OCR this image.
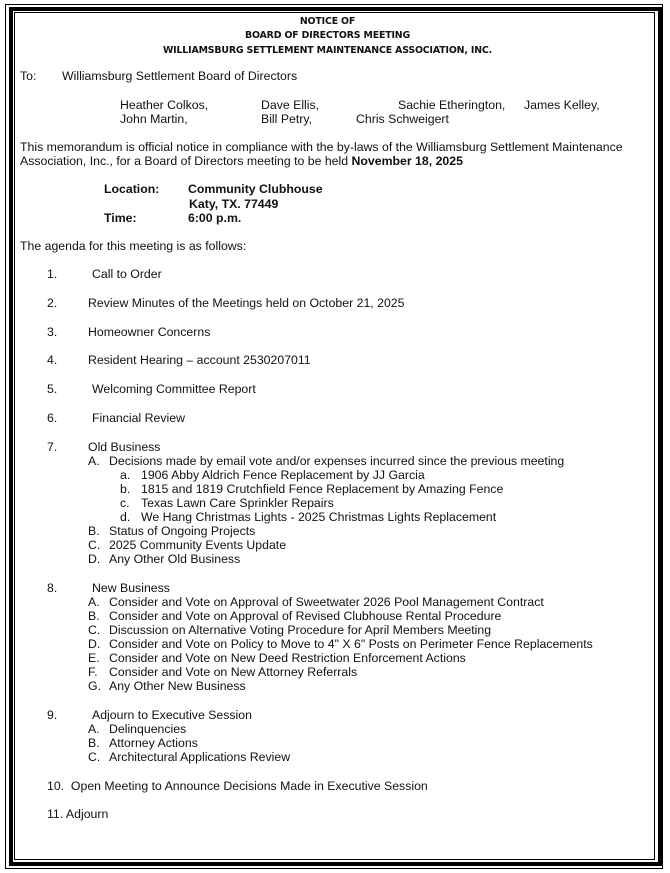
NOTICE OF
BOARD OF DIRECTORS MEETING
WILLIAMSBURG SETTLEMENT MAINTENANCE ASSOCIATION, INC.
To: Williamsburg Settlement Board of Directors
Heather Colkos,	Dave Ellis,	Sachie Etherington, James Kelley,
John Martin,	Bill Petry,	Chris Schweigert
This memorandum is official notice in compliance with the by-laws of the Williamsburg Settlement Maintenance
Association, Inc., for a Board of Directors meeting to be held November 18, 2025
Location: Community Clubhouse
Katy, TX. 77449
Time:	6:00 p.m.
The agenda for this meeting is as follows:
1.	Call to Order
2. Review Minutes of the Meetings held on October 21, 2025
3. Homeowner Concerns
4. Resident Hearing – account 2530207011
5.	Welcoming Committee Report
6.	Financial Review
7. Old Business
A. Decisions made by email vote and/or expenses incurred since the previous meeting
a. 1906 Abby Aldrich Fence Replacement by JJ Garcia
b. 1815 and 1819 Crutchfield Fence Replacement by Amazing Fence
c. Texas Lawn Care Sprinkler Repairs
d. We Hang Christmas Lights - 2025 Christmas Lights Replacement
B. Status of Ongoing Projects
C. 2025 Community Events Update
D. Any Other Old Business
8.	New Business
A. Consider and Vote on Approval of Sweetwater 2026 Pool Management Contract
B. Consider and Vote on Approval of Revised Clubhouse Rental Procedure
C. Discussion on Alternative Voting Procedure for April Members Meeting
D. Consider and Vote on Policy to Move to 4" X 6" Posts on Perimeter Fence Replacements
E. Consider and Vote on New Deed Restriction Enforcement Actions
F. Consider and Vote on New Attorney Referrals
G. Any Other New Business
9.	Adjourn to Executive Session
A. Delinquencies
B. Attorney Actions
C. Architectural Applications Review
10.  Open Meeting to Announce Decisions Made in Executive Session
11. Adjourn
